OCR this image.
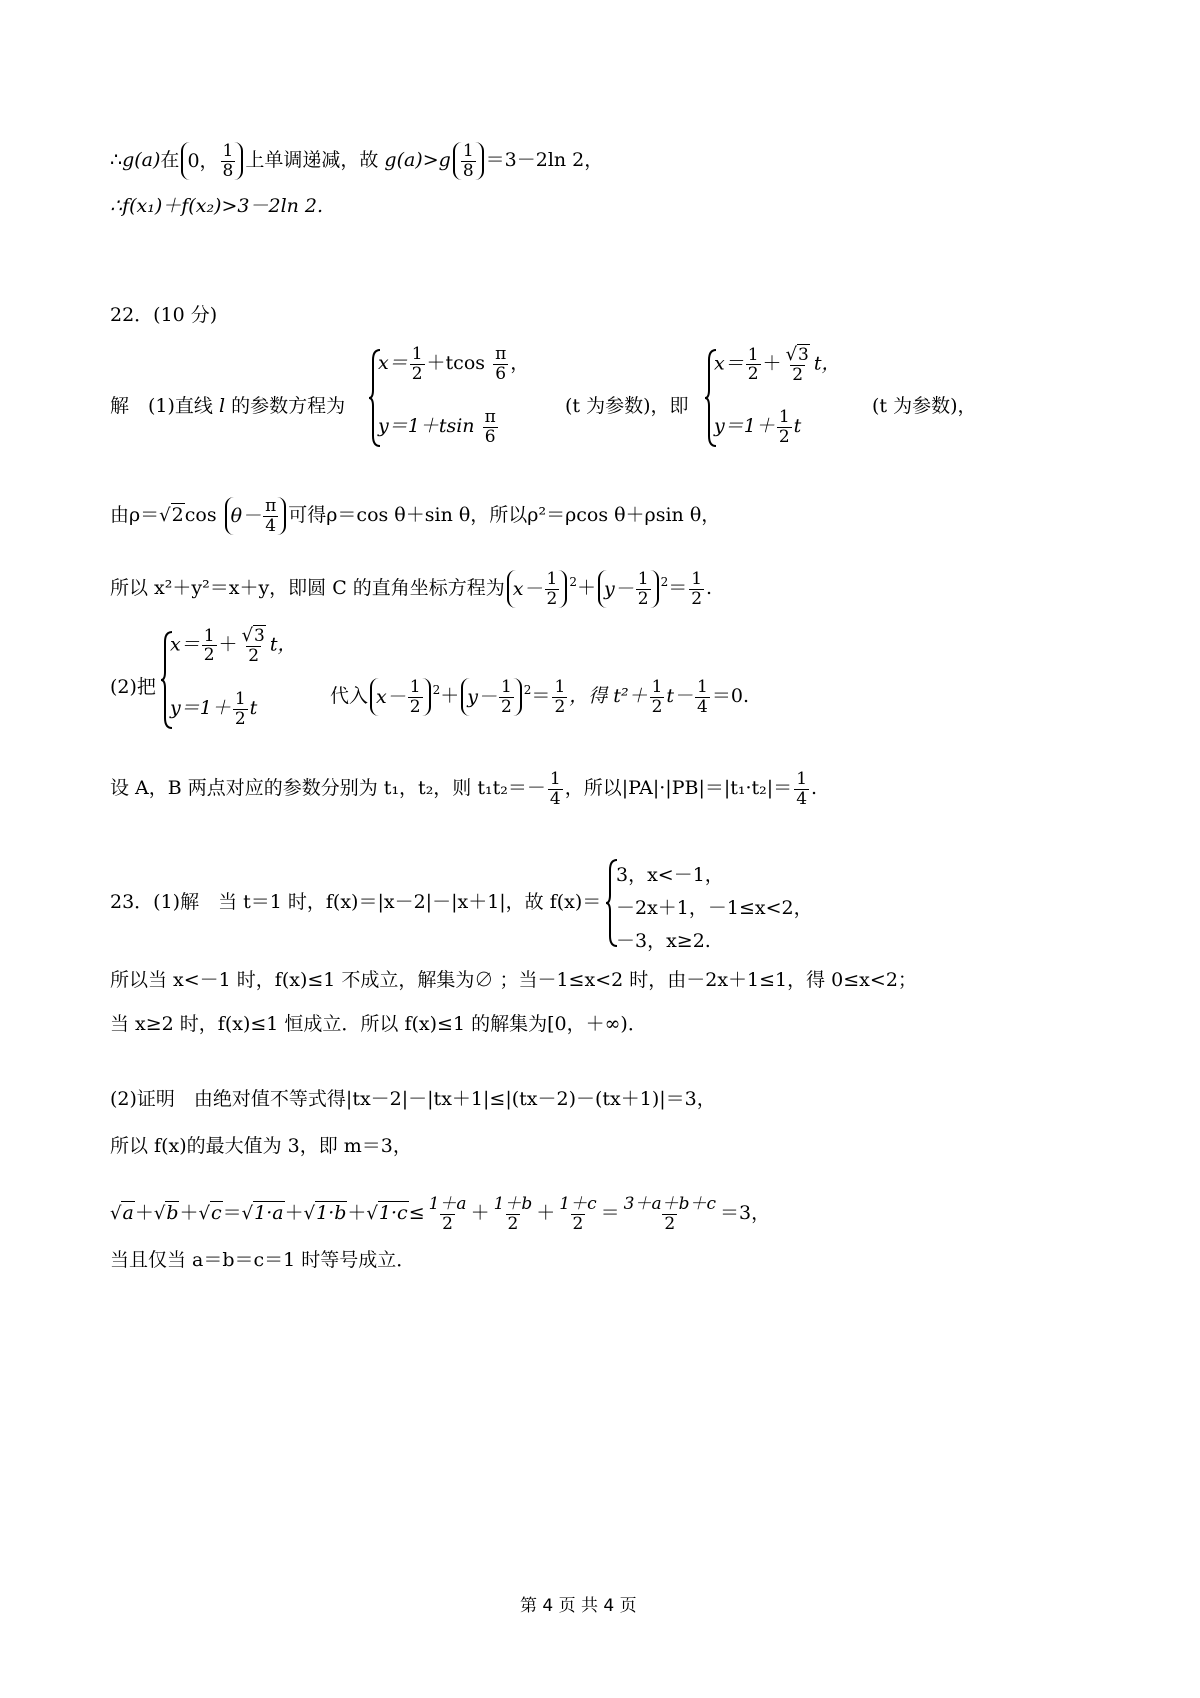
∴g(a)在 0， $\frac{1}{8}$ 上单调递减，故 $g(a)>g \frac{1}{8} =3-2\ln$ 2，
∴f(x₁)＋f(x₂)>3－2ln 2.
22．(10 分)
解　(1)直线 l 的参数方程为
$x= \frac{1}{2} +tcos \frac{\pi}{6}$ ，
$y=1+tsin \frac{\pi}{6}$
(t 为参数)，即
$x= \frac{1}{2} + \frac{√3}{2}$ t，
$y=1+ \frac{1}{2}$ t
(t 为参数)，
由ρ＝√2cos $\theta- \frac{\pi}{4}$ 可得ρ＝cos θ＋sin θ，所以ρ²＝ρcos θ＋ρsin θ，
所以 x²＋y²＝x＋y，即圆 C 的直角坐标方程为 $x- \frac{1}{2} ^2+ y- \frac{1}{2} ^2= \frac{1}{2}$ .
(2)把
$x= \frac{1}{2} + \frac{√3}{2}$ t，
$y=1+ \frac{1}{2}$ t
代入 $x- \frac{1}{2} ^2+ y- \frac{1}{2} ^2= \frac{1}{2}$ ，得 $t^2+ \frac{1}{2} t- \frac{1}{4} =0$.
设 A，B 两点对应的参数分别为 t₁，t₂，则 $t_1t_2=- \frac{1}{4}$ ，所以$|PA|\cdot|PB|=|t_1\cdot t_2|= \frac{1}{4}$ .
23．(1)解　当 t＝1 时，f(x)＝|x－2|－|x＋1|，故 f(x)＝
3，x<－1，
－2x＋1，－1≤x<2，
－3，x≥2.
所以当 x<－1 时，f(x)≤1 不成立，解集为∅ ；当－1≤x<2 时，由－2x＋1≤1，得 0≤x<2；
当 x≥2 时，f(x)≤1 恒成立．所以 f(x)≤1 的解集为[0，＋∞)．
(2)证明　由绝对值不等式得|tx－2|－|tx＋1|≤|(tx－2)－(tx＋1)|＝3，
所以 f(x)的最大值为 3，即 m＝3，
$√a+√b+√c=√1\cdot a+√1\cdot b+√1\cdot c\le \frac{1+a}{2} + \frac{1+b}{2} + \frac{1+c}{2} = \frac{3+a+b+c}{2} =3$，
当且仅当 a＝b＝c＝1 时等号成立．
第 4 页 共 4 页
